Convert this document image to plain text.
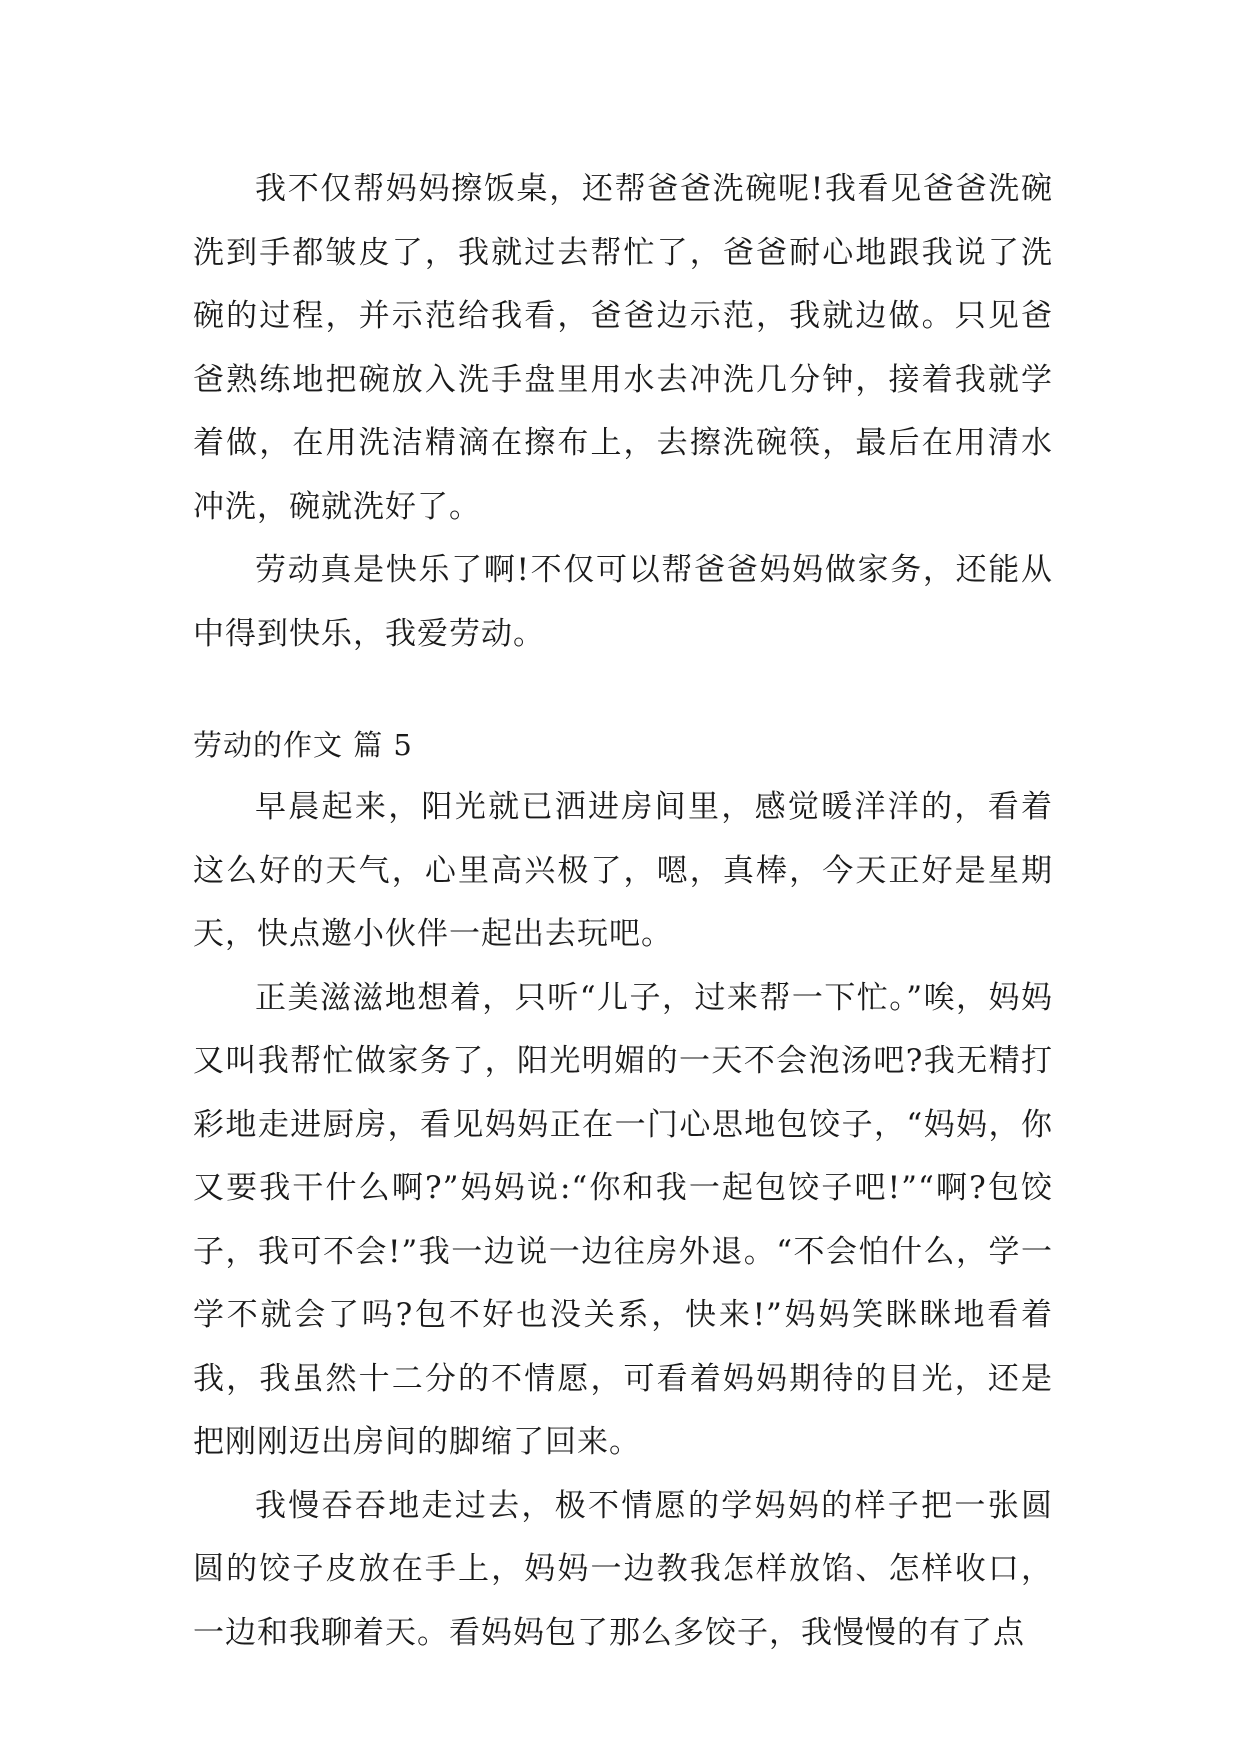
我不仅帮妈妈擦饭桌，还帮爸爸洗碗呢!我看见爸爸洗碗洗到手都皱皮了，我就过去帮忙了，爸爸耐心地跟我说了洗碗的过程，并示范给我看，爸爸边示范，我就边做。只见爸爸熟练地把碗放入洗手盘里用水去冲洗几分钟，接着我就学着做，在用洗洁精滴在擦布上，去擦洗碗筷，最后在用清水冲洗，碗就洗好了。

劳动真是快乐了啊!不仅可以帮爸爸妈妈做家务，还能从中得到快乐，我爱劳动。

劳动的作文 篇 5

早晨起来，阳光就已洒进房间里，感觉暖洋洋的，看着这么好的天气，心里高兴极了，嗯，真棒，今天正好是星期天，快点邀小伙伴一起出去玩吧。

正美滋滋地想着，只听“儿子，过来帮一下忙。”唉，妈妈又叫我帮忙做家务了，阳光明媚的一天不会泡汤吧?我无精打彩地走进厨房，看见妈妈正在一门心思地包饺子，“妈妈，你又要我干什么啊?”妈妈说:“你和我一起包饺子吧!”“啊?包饺子，我可不会!”我一边说一边往房外退。“不会怕什么，学一学不就会了吗?包不好也没关系，快来!”妈妈笑眯眯地看着我，我虽然十二分的不情愿，可看着妈妈期待的目光，还是把刚刚迈出房间的脚缩了回来。

我慢吞吞地走过去，极不情愿的学妈妈的样子把一张圆圆的饺子皮放在手上，妈妈一边教我怎样放馅、怎样收口，一边和我聊着天。看妈妈包了那么多饺子，我慢慢的有了点
